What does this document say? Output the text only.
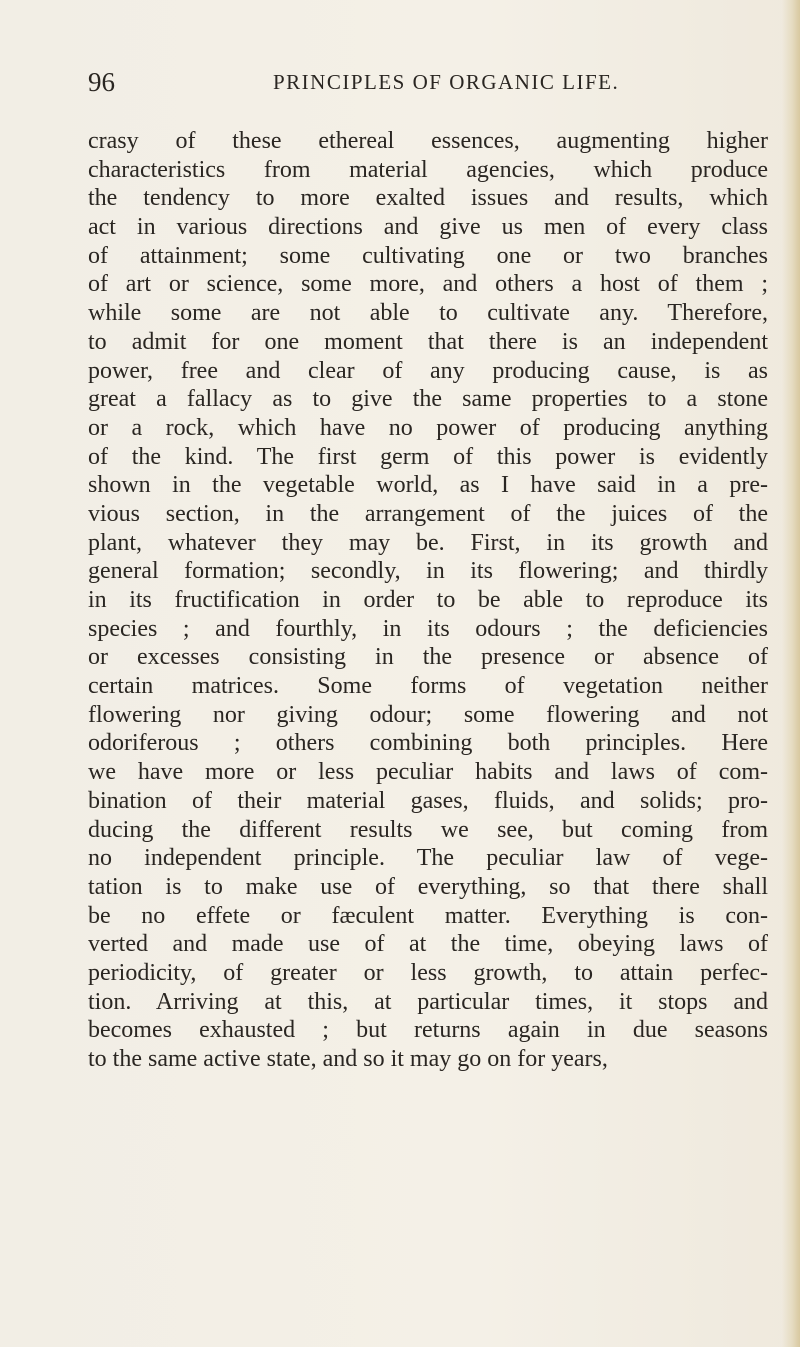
96	PRINCIPLES OF ORGANIC LIFE.
crasy of these ethereal essences, augmenting higher
characteristics from material agencies, which produce
the tendency to more exalted issues and results, which
act in various directions and give us men of every class
of attainment; some cultivating one or two branches
of art or science, some more, and others a host of them ;
while some are not able to cultivate any. Therefore,
to admit for one moment that there is an independent
power, free and clear of any producing cause, is as
great a fallacy as to give the same properties to a stone
or a rock, which have no power of producing anything
of the kind. The first germ of this power is evidently
shown in the vegetable world, as I have said in a pre-
vious section, in the arrangement of the juices of the
plant, whatever they may be. First, in its growth and
general formation; secondly, in its flowering; and thirdly
in its fructification in order to be able to reproduce its
species ; and fourthly, in its odours ; the deficiencies
or excesses consisting in the presence or absence of
certain matrices. Some forms of vegetation neither
flowering nor giving odour; some flowering and not
odoriferous ; others combining both principles. Here
we have more or less peculiar habits and laws of com-
bination of their material gases, fluids, and solids; pro-
ducing the different results we see, but coming from
no independent principle. The peculiar law of vege-
tation is to make use of everything, so that there shall
be no effete or fæculent matter. Everything is con-
verted and made use of at the time, obeying laws of
periodicity, of greater or less growth, to attain perfec-
tion. Arriving at this, at particular times, it stops and
becomes exhausted ; but returns again in due seasons
to the same active state, and so it may go on for years,
